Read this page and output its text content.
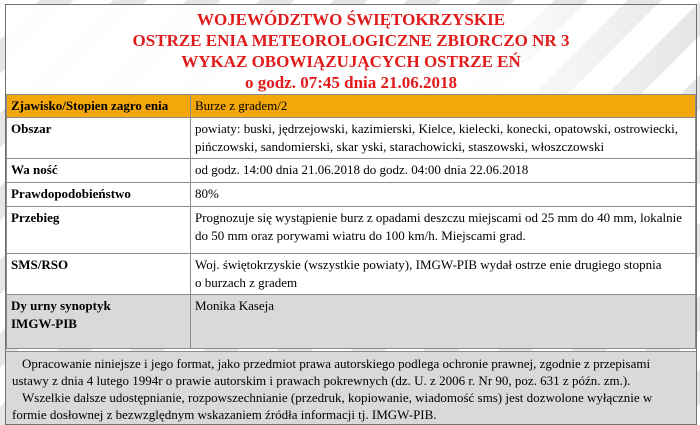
WOJEWÓDZTWO ŚWIĘTOKRZYSKIE
OSTRZE ENIA METEOROLOGICZNE ZBIORCZO NR 3
WYKAZ OBOWIĄZUJĄCYCH OSTRZE EŃ
o godz. 07:45 dnia 21.06.2018
Zjawisko/Stopien zagro enia	Burze z gradem/2
Obszar	powiaty: buski, jędrzejowski, kazimierski, Kielce, kielecki, konecki, opatowski, ostrowiecki, pińczowski, sandomierski, skar yski, starachowicki, staszowski, włoszczowski
Wa ność	od godz. 14:00 dnia 21.06.2018 do godz. 04:00 dnia 22.06.2018
Prawdopodobieństwo	80%
Przebieg	Prognozuje się wystąpienie burz z opadami deszczu miejscami od 25 mm do 40 mm, lokalnie do 50 mm oraz porywami wiatru do 100 km/h. Miejscami grad.
SMS/RSO	Woj. świętokrzyskie (wszystkie powiaty), IMGW-PIB wydał ostrze enie drugiego stopnia
o burzach z gradem

Dy urny synoptyk
IMGW-PIB	Monika Kaseja

Opracowanie niniejsze i jego format, jako przedmiot prawa autorskiego podlega ochronie prawnej, zgodnie z przepisami ustawy z dnia 4 lutego 1994r o prawie autorskim i prawach pokrewnych (dz. U. z 2006 r. Nr 90, poz. 631 z późn. zm.).

Wszelkie dalsze udostępnianie, rozpowszechnianie (przedruk, kopiowanie, wiadomość sms) jest dozwolone wyłącznie w formie dosłownej z bezwzględnym wskazaniem źródła informacji tj. IMGW-PIB.
